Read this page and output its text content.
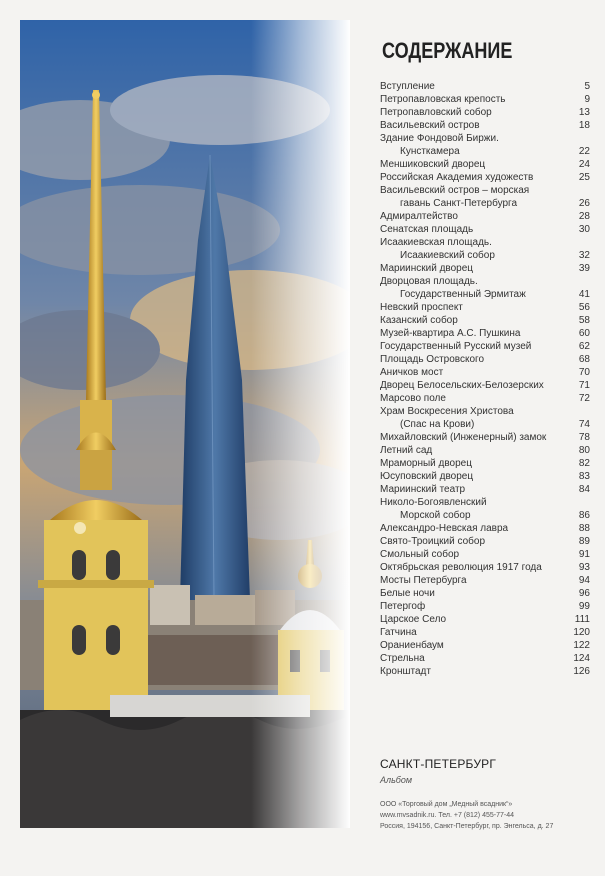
СОДЕРЖАНИЕ
Вступление	5
Петропавловская крепость	9
Петропавловский собор	13
Васильевский остров	18
Здание Фондовой Биржи.
Кунсткамера	22
Меншиковский дворец	24
Российская Академия художеств	25
Васильевский остров – морская
гавань Санкт-Петербурга	26
Адмиралтейство	28
Сенатская площадь	30
Исаакиевская площадь.
Исаакиевский собор	32
Мариинский дворец	39
Дворцовая площадь.
Государственный Эрмитаж	41
Невский проспект	56
Казанский собор	58
Музей-квартира А.С. Пушкина	60
Государственный Русский музей	62
Площадь Островского	68
Аничков мост	70
Дворец Белосельских-Белозерских	71
Марсово поле	72
Храм Воскресения Христова
(Спас на Крови)	74
Михайловский (Инженерный) замок	78
Летний сад	80
Мраморный дворец	82
Юсуповский дворец	83
Мариинский театр	84
Николо-Богоявленский
Морской собор	86
Александро-Невская лавра	88
Свято-Троицкий собор	89
Смольный собор	91
Октябрьская революция 1917 года	93
Мосты Петербурга	94
Белые ночи	96
Петергоф	99
Царское Село	111
Гатчина	120
Ораниенбаум	122
Стрельна	124
Кронштадт	126
САНКТ-ПЕТЕРБУРГ
Альбом
ООО «Торговый дом „Медный всадник“»
www.mvsadnik.ru. Тел. +7 (812) 455-77-44
Россия, 194156, Санкт-Петербург, пр. Энгельса, д. 27
